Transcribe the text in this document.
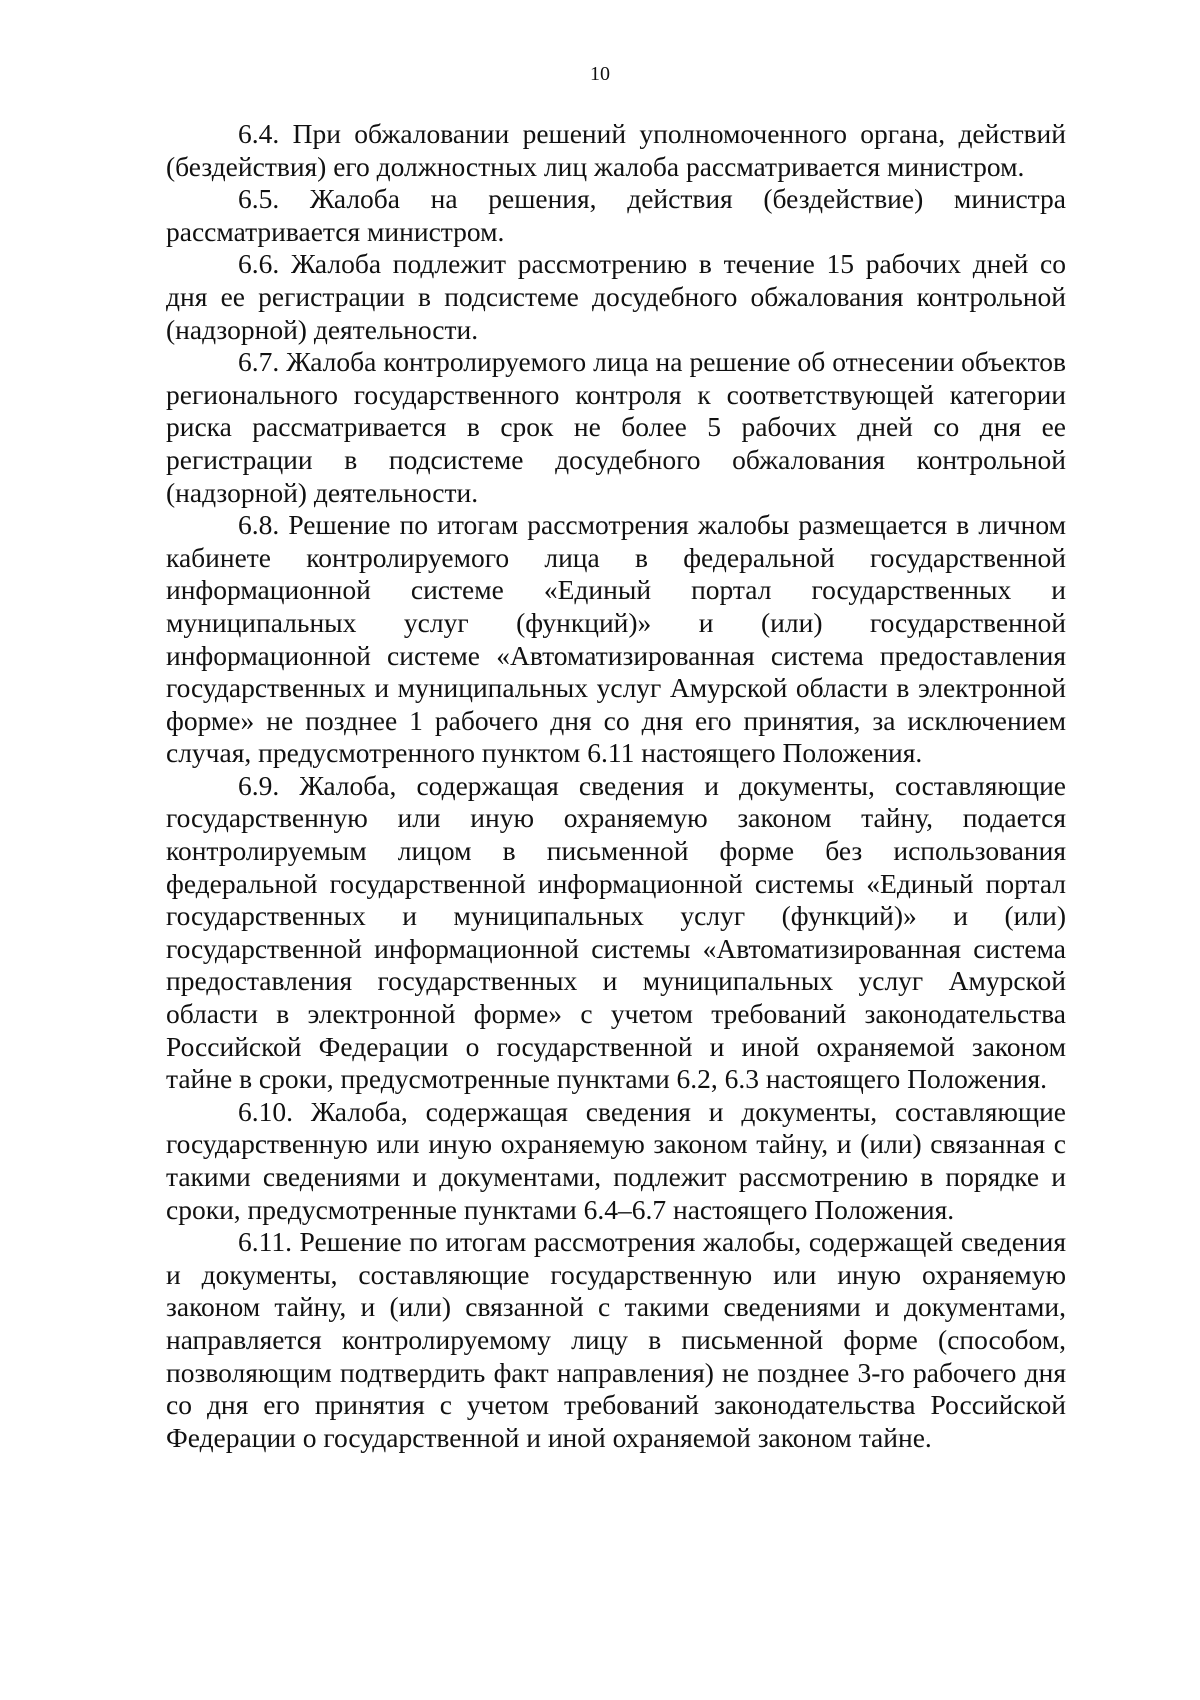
10

6.4. При обжаловании решений уполномоченного органа, действий (бездействия) его должностных лиц жалоба рассматривается министром.

6.5. Жалоба на решения, действия (бездействие) министра рассматривается министром.

6.6. Жалоба подлежит рассмотрению в течение 15 рабочих дней со дня ее регистрации в подсистеме досудебного обжалования контрольной (надзорной) деятельности.

6.7. Жалоба контролируемого лица на решение об отнесении объектов регионального государственного контроля к соответствующей категории риска рассматривается в срок не более 5 рабочих дней со дня ее регистрации в подсистеме досудебного обжалования контрольной (надзорной) деятельности.

6.8. Решение по итогам рассмотрения жалобы размещается в личном кабинете контролируемого лица в федеральной государственной информационной системе «Единый портал государственных и муниципальных услуг (функций)» и (или) государственной информационной системе «Автоматизированная система предоставления государственных и муниципальных услуг Амурской области в электронной форме» не позднее 1 рабочего дня со дня его принятия, за исключением случая, предусмотренного пунктом 6.11 настоящего Положения.

6.9. Жалоба, содержащая сведения и документы, составляющие государственную или иную охраняемую законом тайну, подается контролируемым лицом в письменной форме без использования федеральной государственной информационной системы «Единый портал государственных и муниципальных услуг (функций)» и (или) государственной информационной системы «Автоматизированная система предоставления государственных и муниципальных услуг Амурской области в электронной форме» с учетом требований законодательства Российской Федерации о государственной и иной охраняемой законом тайне в сроки, предусмотренные пунктами 6.2, 6.3 настоящего Положения.

6.10. Жалоба, содержащая сведения и документы, составляющие государственную или иную охраняемую законом тайну, и (или) связанная с такими сведениями и документами, подлежит рассмотрению в порядке и сроки, предусмотренные пунктами 6.4–6.7 настоящего Положения.

6.11. Решение по итогам рассмотрения жалобы, содержащей сведения и документы, составляющие государственную или иную охраняемую законом тайну, и (или) связанной с такими сведениями и документами, направляется контролируемому лицу в письменной форме (способом, позволяющим подтвердить факт направления) не позднее 3-го рабочего дня со дня его принятия с учетом требований законодательства Российской Федерации о государственной и иной охраняемой законом тайне.
